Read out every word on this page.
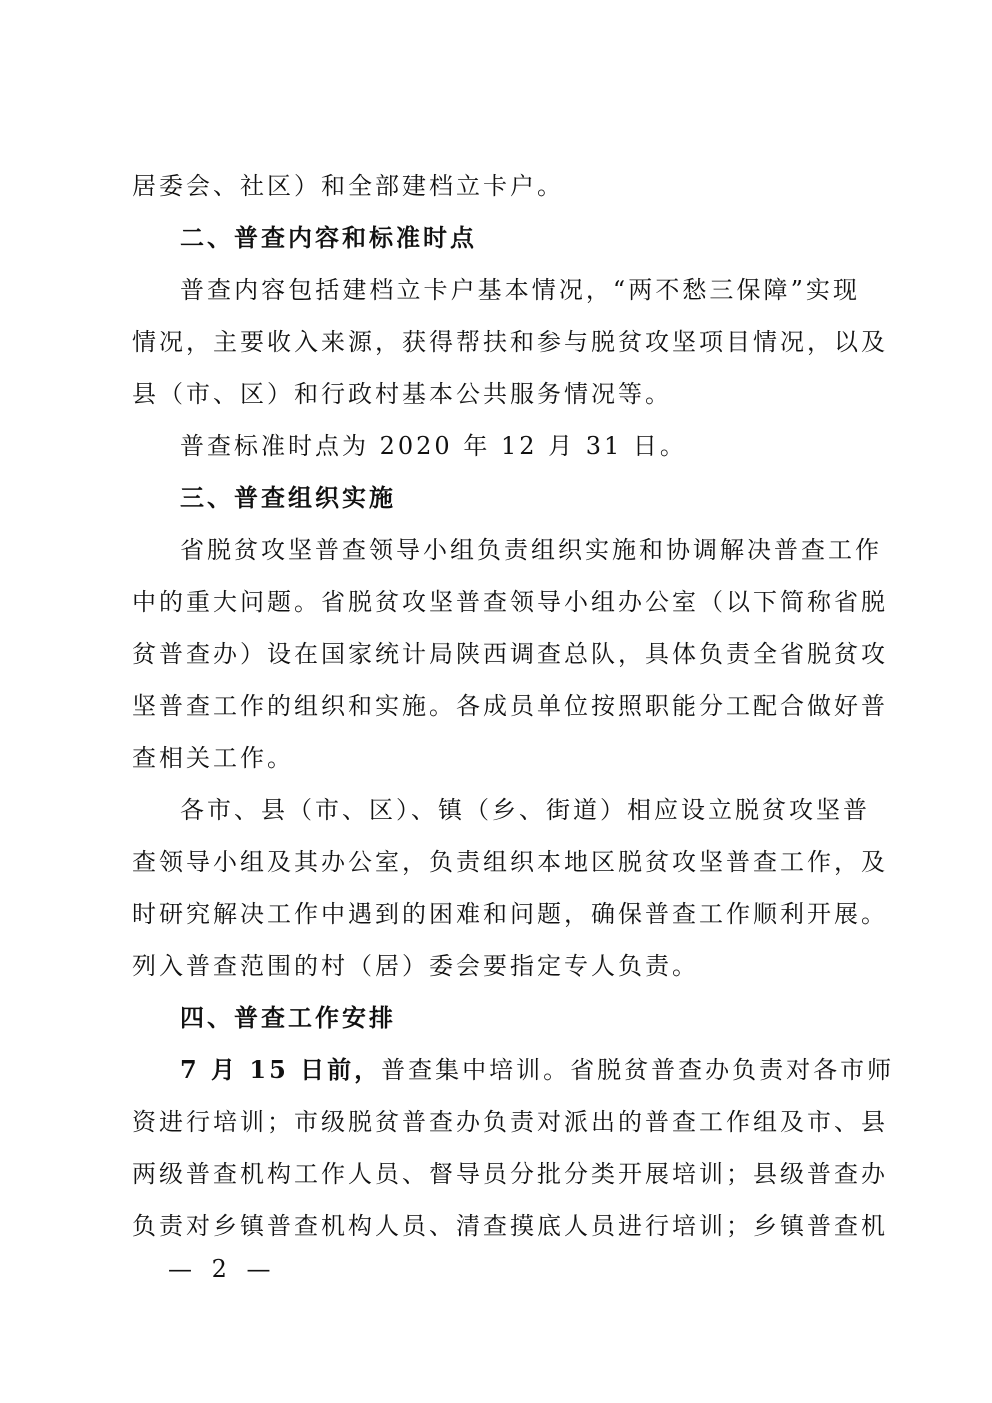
居委会、社区）和全部建档立卡户。
二、普查内容和标准时点
普查内容包括建档立卡户基本情况，“两不愁三保障”实现
情况，主要收入来源，获得帮扶和参与脱贫攻坚项目情况，以及
县（市、区）和行政村基本公共服务情况等。
普查标准时点为 2020 年 12 月 31 日。
三、普查组织实施
省脱贫攻坚普查领导小组负责组织实施和协调解决普查工作
中的重大问题。省脱贫攻坚普查领导小组办公室（以下简称省脱
贫普查办）设在国家统计局陕西调查总队，具体负责全省脱贫攻
坚普查工作的组织和实施。各成员单位按照职能分工配合做好普
查相关工作。
各市、县（市、区）、镇（乡、街道）相应设立脱贫攻坚普
查领导小组及其办公室，负责组织本地区脱贫攻坚普查工作，及
时研究解决工作中遇到的困难和问题，确保普查工作顺利开展。
列入普查范围的村（居）委会要指定专人负责。
四、普查工作安排
7 月 15 日前，普查集中培训。省脱贫普查办负责对各市师
资进行培训；市级脱贫普查办负责对派出的普查工作组及市、县
两级普查机构工作人员、督导员分批分类开展培训；县级普查办
负责对乡镇普查机构人员、清查摸底人员进行培训；乡镇普查机
— 2 —
